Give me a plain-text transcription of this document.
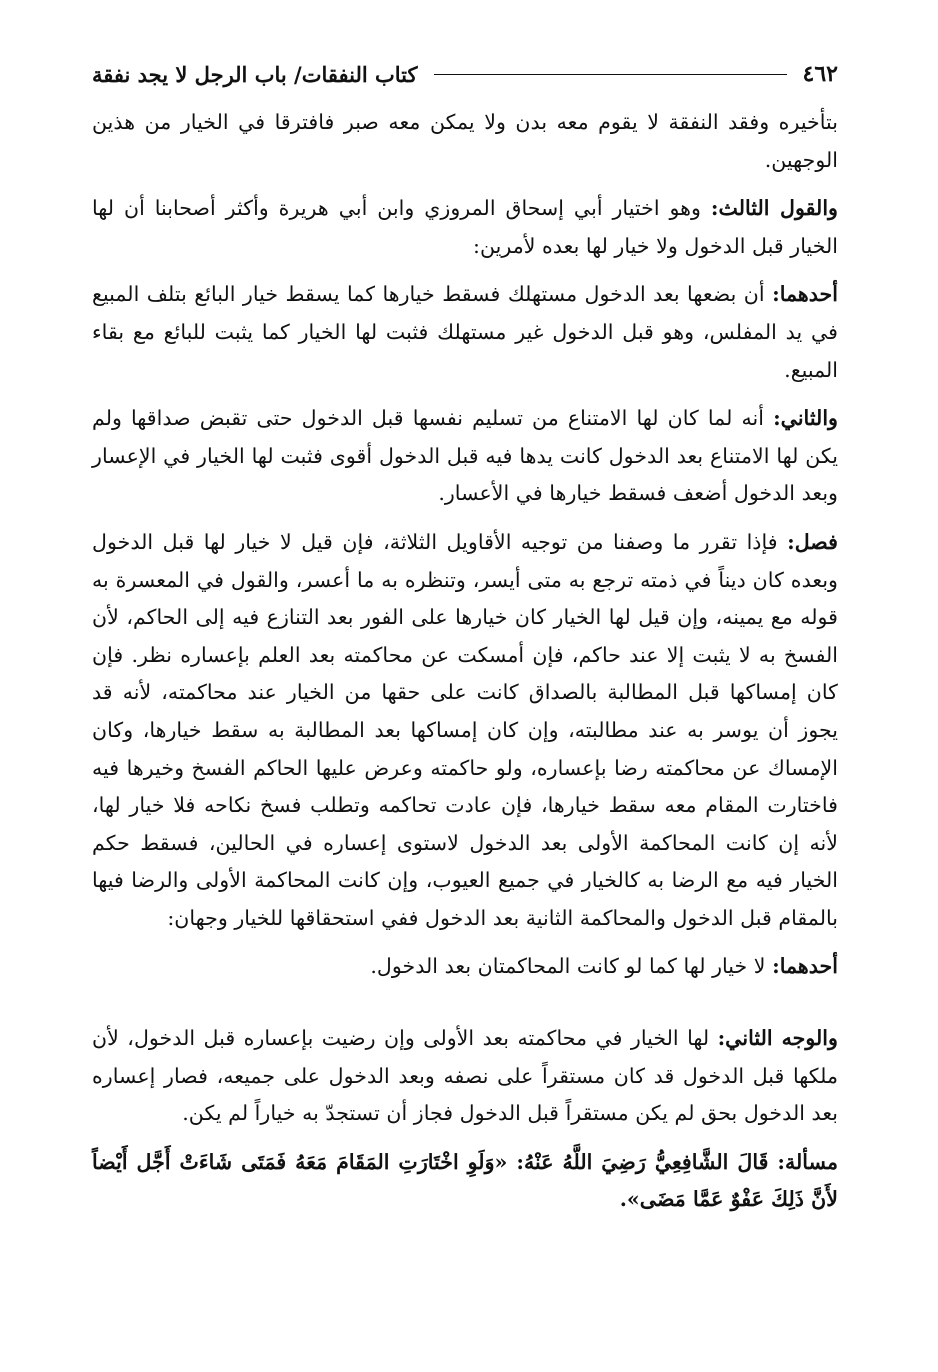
٤٦٢
كتاب النفقات/ باب الرجل لا يجد نفقة

بتأخيره وفقد النفقة لا يقوم معه بدن ولا يمكن معه صبر فافترقا في الخيار من هذين الوجهين.

والقول الثالث: وهو اختيار أبي إسحاق المروزي وابن أبي هريرة وأكثر أصحابنا أن لها الخيار قبل الدخول ولا خيار لها بعده لأمرين:

أحدهما: أن بضعها بعد الدخول مستهلك فسقط خيارها كما يسقط خيار البائع بتلف المبيع في يد المفلس، وهو قبل الدخول غير مستهلك فثبت لها الخيار كما يثبت للبائع مع بقاء المبيع.

والثاني: أنه لما كان لها الامتناع من تسليم نفسها قبل الدخول حتى تقبض صداقها ولم يكن لها الامتناع بعد الدخول كانت يدها فيه قبل الدخول أقوى فثبت لها الخيار في الإعسار وبعد الدخول أضعف فسقط خيارها في الأعسار.

فصل: فإذا تقرر ما وصفنا من توجيه الأقاويل الثلاثة، فإن قيل لا خيار لها قبل الدخول وبعده كان ديناً في ذمته ترجع به متى أيسر، وتنظره به ما أعسر، والقول في المعسرة به قوله مع يمينه، وإن قيل لها الخيار كان خيارها على الفور بعد التنازع فيه إلى الحاكم، لأن الفسخ به لا يثبت إلا عند حاكم، فإن أمسكت عن محاكمته بعد العلم بإعساره نظر. فإن كان إمساكها قبل المطالبة بالصداق كانت على حقها من الخيار عند محاكمته، لأنه قد يجوز أن يوسر به عند مطالبته، وإن كان إمساكها بعد المطالبة به سقط خيارها، وكان الإمساك عن محاكمته رضا بإعساره، ولو حاكمته وعرض عليها الحاكم الفسخ وخيرها فيه فاختارت المقام معه سقط خيارها، فإن عادت تحاكمه وتطلب فسخ نكاحه فلا خيار لها، لأنه إن كانت المحاكمة الأولى بعد الدخول لاستوى إعساره في الحالين، فسقط حكم الخيار فيه مع الرضا به كالخيار في جميع العيوب، وإن كانت المحاكمة الأولى والرضا فيها بالمقام قبل الدخول والمحاكمة الثانية بعد الدخول ففي استحقاقها للخيار وجهان:

أحدهما: لا خيار لها كما لو كانت المحاكمتان بعد الدخول.

والوجه الثاني: لها الخيار في محاكمته بعد الأولى وإن رضيت بإعساره قبل الدخول، لأن ملكها قبل الدخول قد كان مستقراً على نصفه وبعد الدخول على جميعه، فصار إعساره بعد الدخول بحق لم يكن مستقراً قبل الدخول فجاز أن تستجدّ به خياراً لم يكن.

مسألة: قَالَ الشَّافِعِيُّ رَضِيَ اللَّهُ عَنْهُ: «وَلَوِ اخْتَارَتِ المَقَامَ مَعَهُ فَمَتَى شَاءَتْ أَجَّل أَيْضاً لأَنَّ ذَلِكَ عَفْوٌ عَمَّا مَضَى».
